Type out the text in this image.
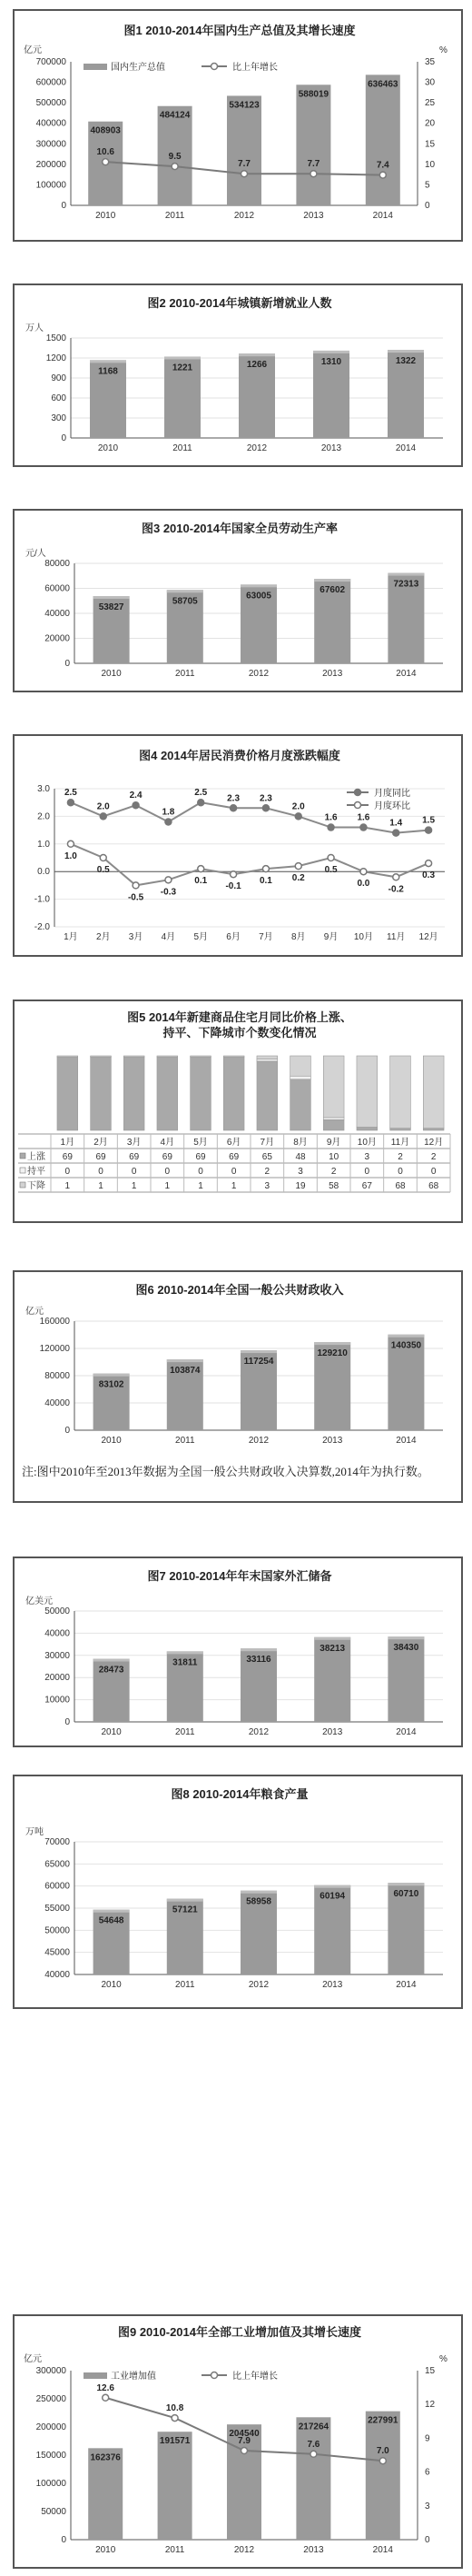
图1 2010-2014年国内生产总值及其增长速度
亿元	%
0
100000
200000
300000
400000
500000
600000
700000
0
5
10
15
20
25
30
35
国内生产总值	比上年增长
2010
408903
2011
484124
2012
534123
2013
588019
2014
636463
10.6	9.5
7.7	7.7	7.4
图2 2010-2014年城镇新增就业人数
万人
0
300
600
900
1200
1500
2010
1168
2011
1221
2012
1266
2013
1310
2014
1322
图3 2010-2014年国家全员劳动生产率
元/人
0
20000
40000
60000
80000
2010
53827
2011
58705
2012
63005
2013
67602
2014
72313
图4 2014年居民消费价格月度涨跌幅度
-2.0
-1.0
0.0
1.0
2.0
3.0
1月 2月 3月 4月 5月 6月 7月 8月 9月 10月 11月 12月
月度同比
月度环比
2.5
2.0
2.4
1.8
2.5
2.3 2.3
2.0
1.6 1.6
1.4 1.5
1.0
0.5
-0.5
-0.3
0.1
-0.1
0.1 0.2
0.5
0.0
-0.2
0.3
图5 2014年新建商品住宅月同比价格上涨、
持平、下降城市个数变化情况
1月 2月 3月 4月 5月 6月 7月 8月 9月 10月 11月 12月
上涨 69	69	69	69	69	69	65	48	10	3	2	2
持平 0	0	0	0	0	0	2	3	2	0	0	0
下降 1	1	1	1	1	1	3	19	58	67	68	68
图6 2010-2014年全国一般公共财政收入
亿元
0
40000
80000
120000
160000
2010
83102
2011
103874
2012
117254
2013
129210
2014
140350
注:图中2010年至2013年数据为全国一般公共财政收入决算数,2014年为执行数。
图7 2010-2014年年末国家外汇储备
亿美元
0
10000
20000
30000
40000
50000
2010
28473
2011
31811
2012
33116
2013
38213
2014
38430
图8 2010-2014年粮食产量
万吨
40000
45000
50000
55000
60000
65000
70000
2010
54648
2011
57121
2012
58958
2013
60194
2014
60710
图9 2010-2014年全部工业增加值及其增长速度
亿元	%
0
50000
100000
150000
200000
250000
300000
0
3
6
9
12
15
工业增加值	比上年增长
2010
162376
2011
191571
2012
204540
2013
217264
2014
227991
12.6
10.8
7.9	7.6
7.0
